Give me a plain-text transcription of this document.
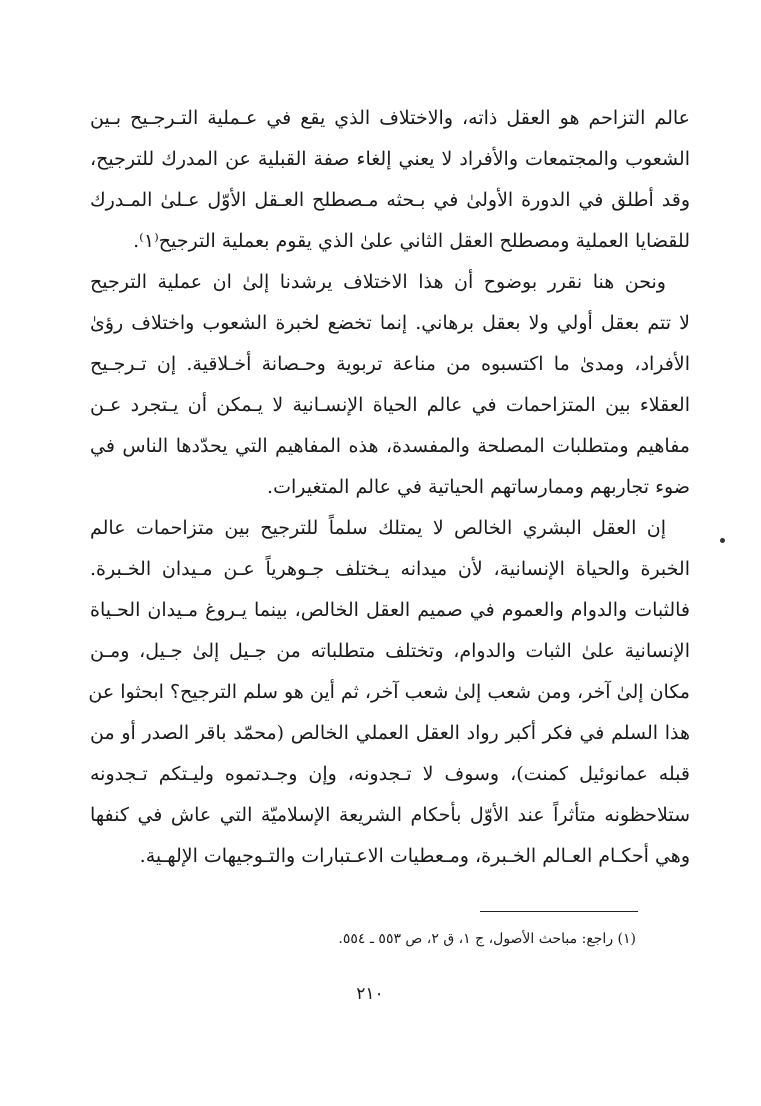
عالم التزاحم هو العقل ذاته، والاختلاف الذي يقع في عـملية التـرجـيح بـين
الشعوب والمجتمعات والأفراد لا يعني إلغاء صفة القبلية عن المدرك للترجيح،
وقد أطلق في الدورة الأولىٰ في بـحثه مـصطلح العـقل الأوّل عـلىٰ المـدرك
للقضايا العملية ومصطلح العقل الثاني علىٰ الذي يقوم بعملية الترجيح⁽١⁾.
ونحن هنا نقرر بوضوح أن هذا الاختلاف يرشدنا إلىٰ ان عملية الترجيح
لا تتم بعقل أولي ولا بعقل برهاني. إنما تخضع لخبرة الشعوب واختلاف رؤىٰ
الأفراد، ومدىٰ ما اكتسبوه من مناعة تربوية وحـصانة أخـلاقية. إن تـرجـيح
العقلاء بين المتزاحمات في عالم الحياة الإنسـانية لا يـمكن أن يـتجرد عـن
مفاهيم ومتطلبات المصلحة والمفسدة، هذه المفاهيم التي يحدّدها الناس في
ضوء تجاربهم وممارساتهم الحياتية في عالم المتغيرات.
إن العقل البشري الخالص لا يمتلك سلماً للترجيح بين متزاحمات عالم
الخبرة والحياة الإنسانية، لأن ميدانه يـختلف جـوهرياً عـن مـيدان الخـبرة.
فالثبات والدوام والعموم في صميم العقل الخالص، بينما يـروغ مـيدان الحـياة
الإنسانية علىٰ الثبات والدوام، وتختلف متطلباته من جـيل إلىٰ جـيل، ومـن
مكان إلىٰ آخر، ومن شعب إلىٰ شعب آخر، ثم أين هو سلم الترجيح؟ ابحثوا عن
هذا السلم في فكر أكبر رواد العقل العملي الخالص (محمّد باقر الصدر أو من
قبله عمانوئيل كمنت)، وسوف لا تـجدونه، وإن وجـدتموه وليـتكم تـجدونه
ستلاحظونه متأثراً عند الأوّل بأحكام الشريعة الإسلاميّة التي عاش في كنفها
وهي أحكـام العـالم الخـبرة، ومـعطيات الاعـتبارات والتـوجيهات الإلهـية.
(١) راجع: مباحث الأصول، ج ١، ق ٢، ص ٥٥٣ ـ ٥٥٤.
٢١٠
